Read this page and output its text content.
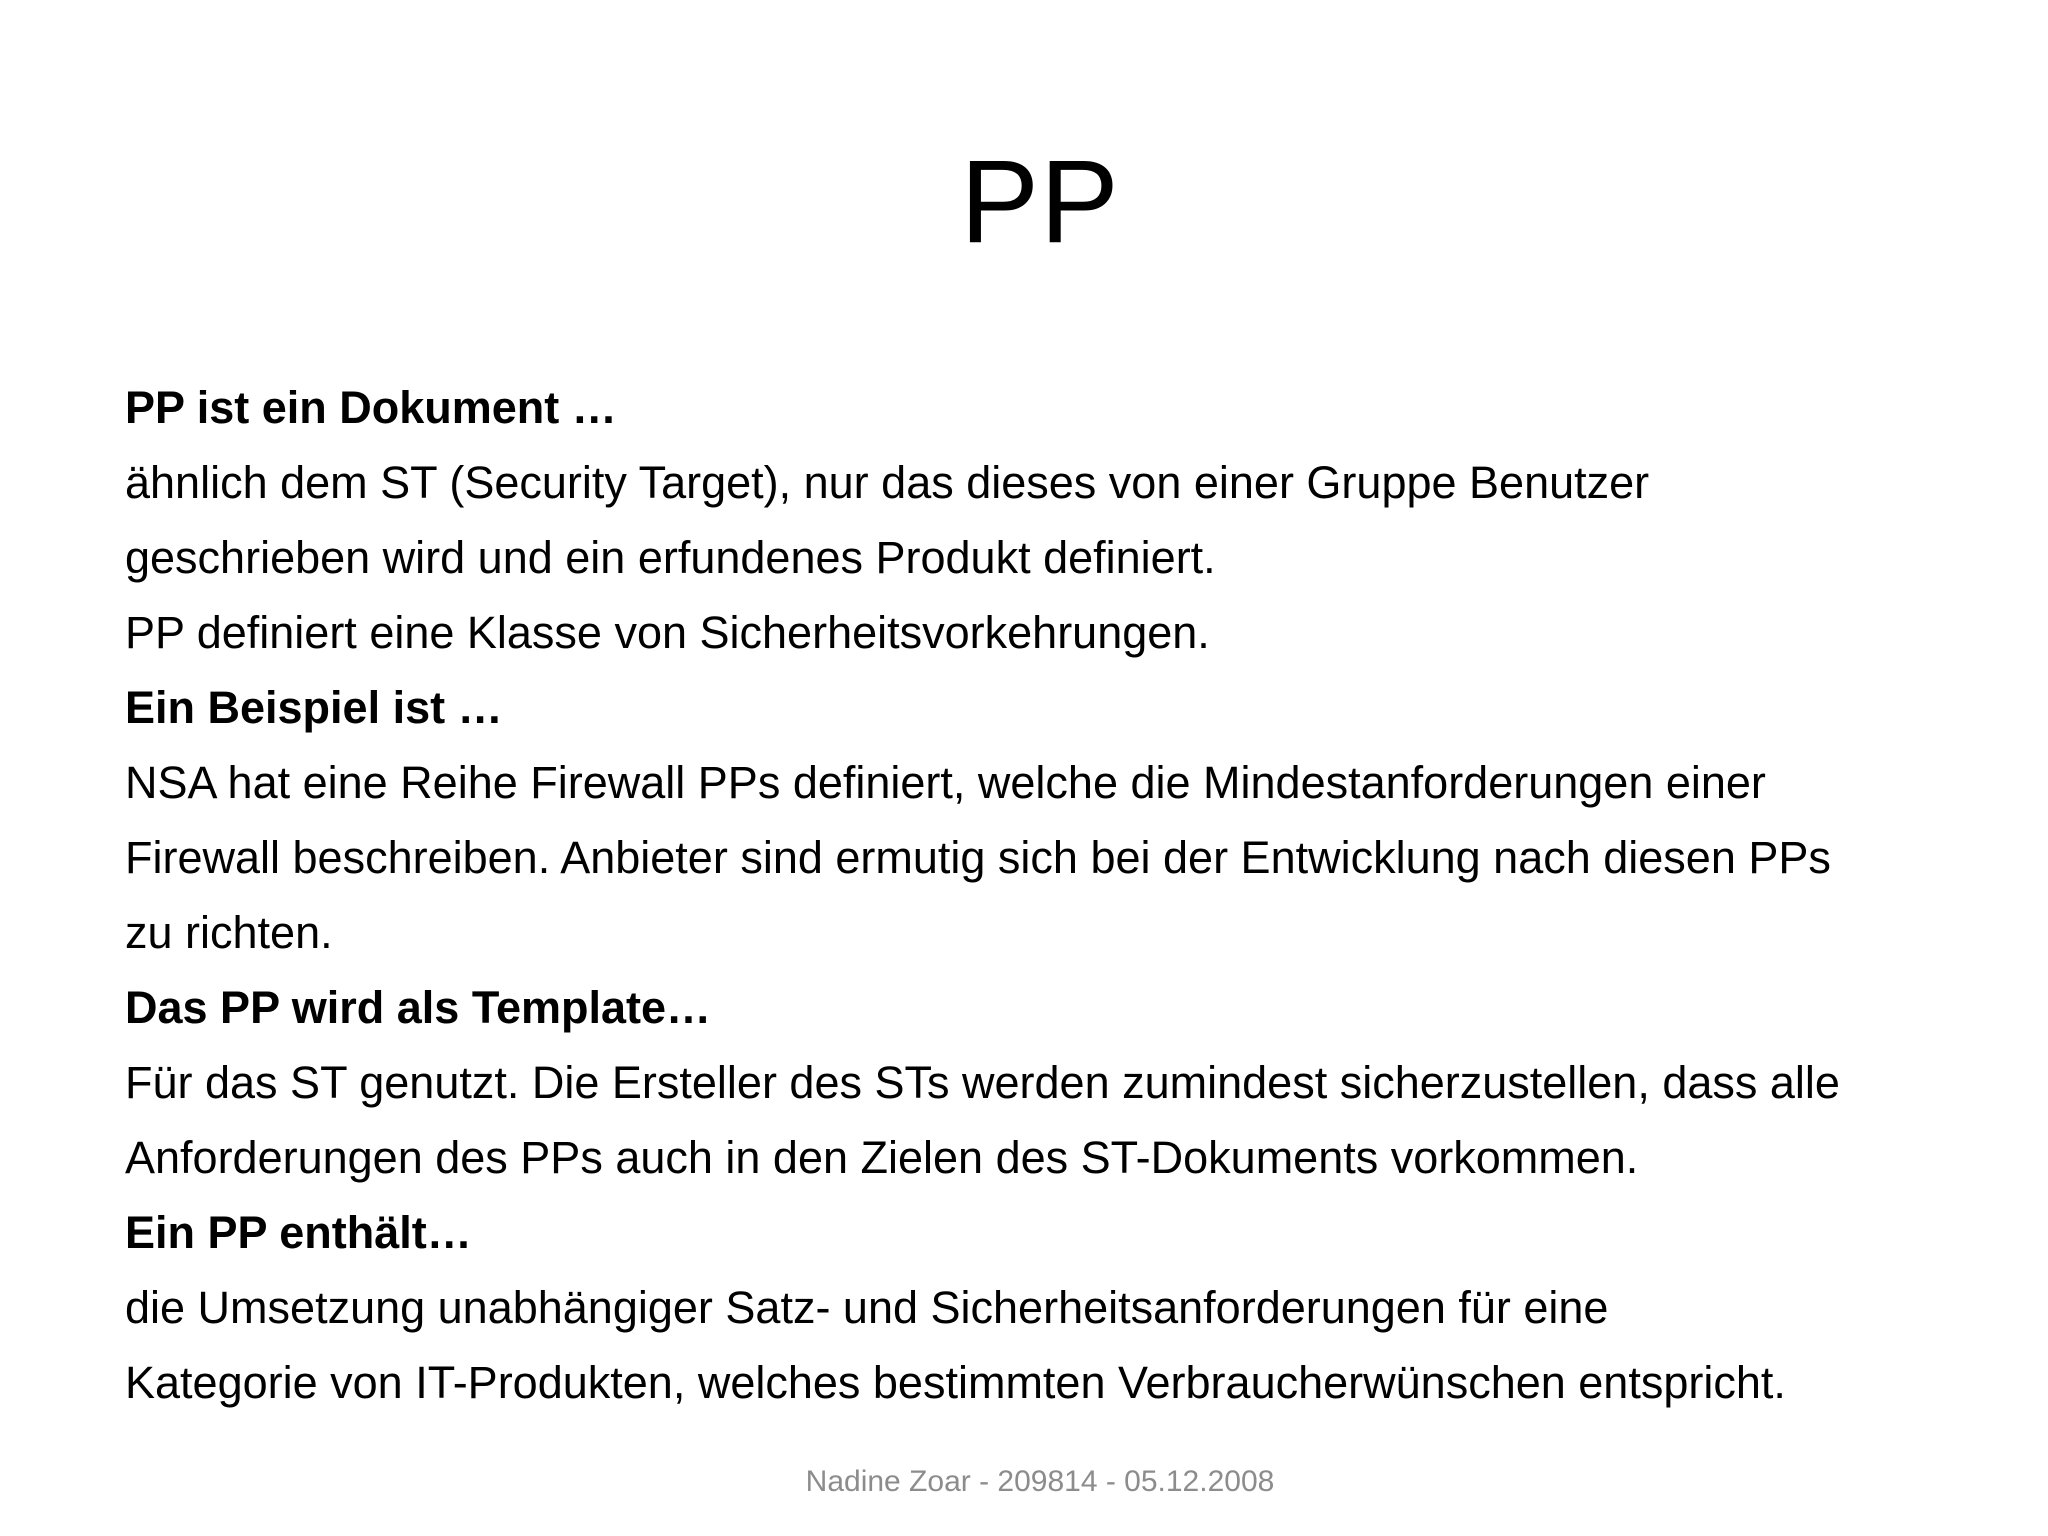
PP
PP ist ein Dokument …
ähnlich dem ST (Security Target), nur das dieses von einer Gruppe Benutzer
geschrieben wird und ein erfundenes Produkt definiert.
PP definiert eine Klasse von Sicherheitsvorkehrungen.
Ein Beispiel ist …
NSA hat eine Reihe Firewall PPs definiert, welche die Mindestanforderungen einer
Firewall beschreiben. Anbieter sind ermutig sich bei der Entwicklung nach diesen PPs
zu richten.
Das PP wird als Template…
Für das ST genutzt. Die Ersteller des STs werden zumindest sicherzustellen, dass alle
Anforderungen des PPs auch in den Zielen des ST-Dokuments vorkommen.
Ein PP enthält…
die Umsetzung unabhängiger Satz- und Sicherheitsanforderungen für eine
Kategorie von IT-Produkten, welches bestimmten Verbraucherwünschen entspricht.
Nadine Zoar - 209814 - 05.12.2008
